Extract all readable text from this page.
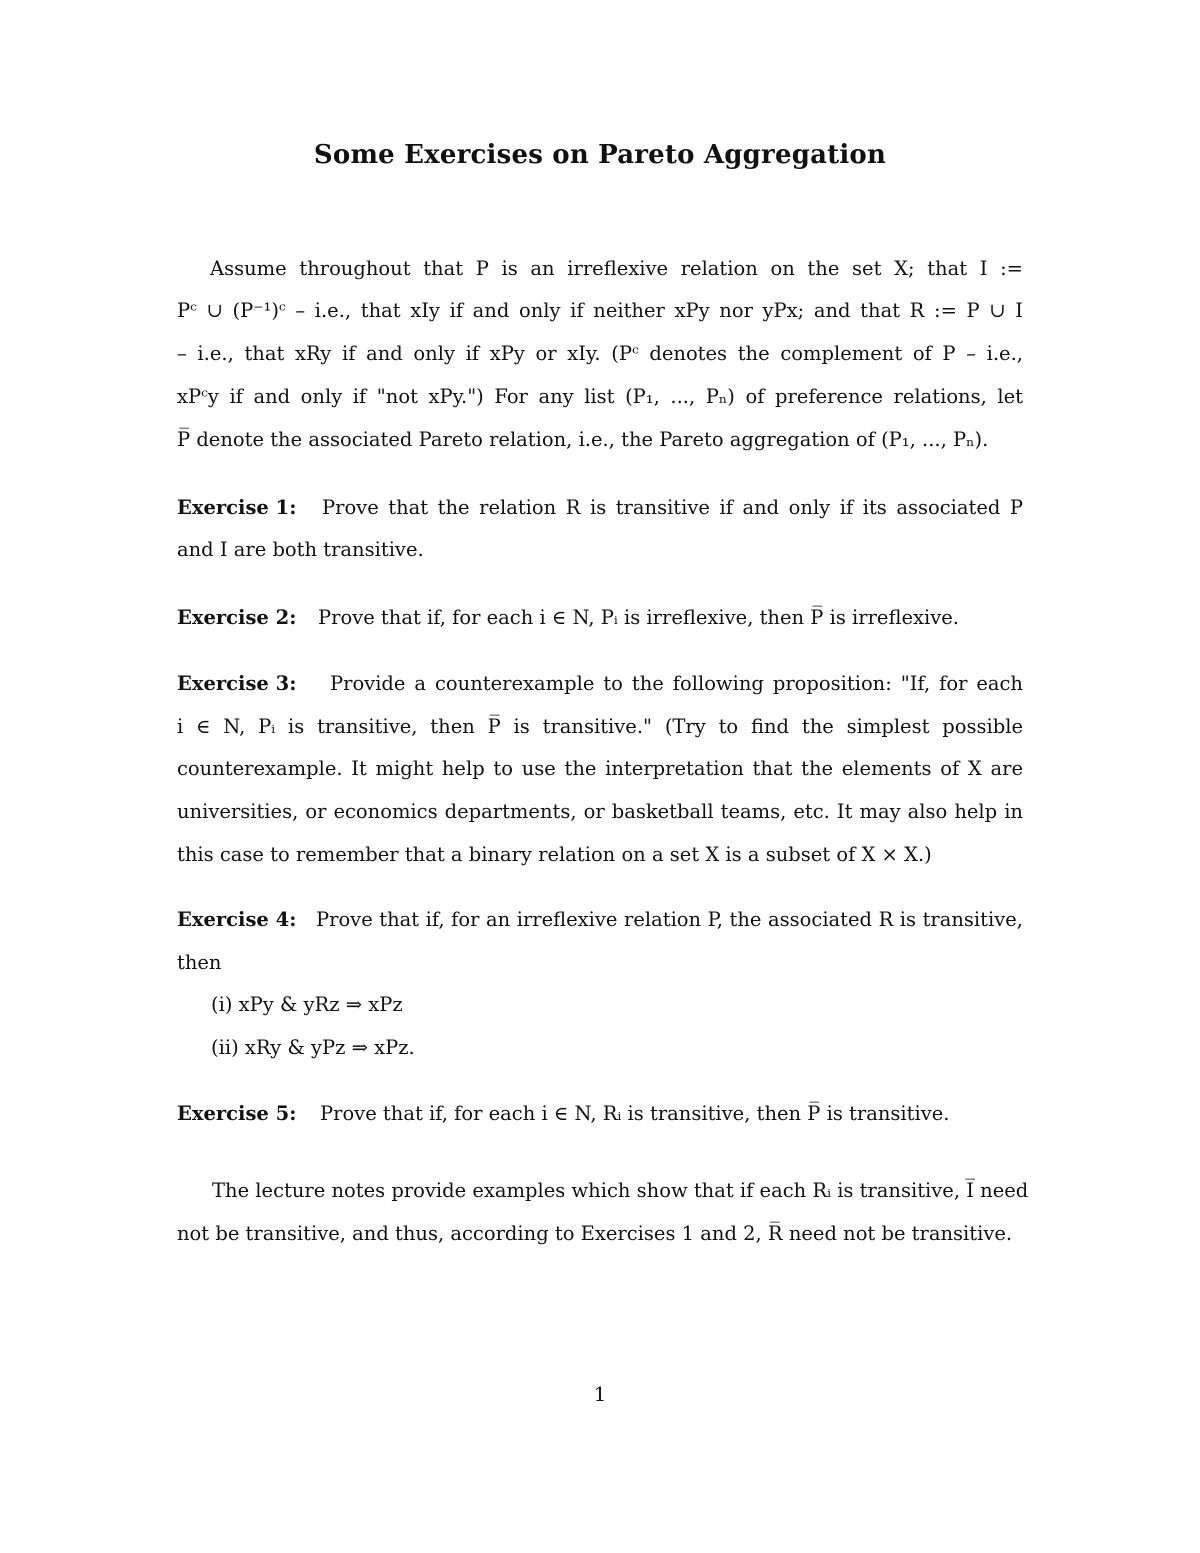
Some Exercises on Pareto Aggregation
Assume throughout that P is an irreflexive relation on the set X; that I :=
Pᶜ ∪ (P⁻¹)ᶜ – i.e., that xIy if and only if neither xPy nor yPx; and that R := P ∪ I
– i.e., that xRy if and only if xPy or xIy. (Pᶜ denotes the complement of P – i.e.,
xPᶜy if and only if "not xPy.") For any list (P₁, ..., Pₙ) of preference relations, let
P̅ denote the associated Pareto relation, i.e., the Pareto aggregation of (P₁, ..., Pₙ).
Exercise 1:	Prove that the relation R is transitive if and only if its associated P
and I are both transitive.
Exercise 2:	Prove that if, for each i ∈ N, Pᵢ is irreflexive, then P̅ is irreflexive.
Exercise 3:	Provide a counterexample to the following proposition: "If, for each
i ∈ N, Pᵢ is transitive, then P̅ is transitive." (Try to find the simplest possible
counterexample. It might help to use the interpretation that the elements of X are
universities, or economics departments, or basketball teams, etc. It may also help in
this case to remember that a binary relation on a set X is a subset of X × X.)
Exercise 4:	Prove that if, for an irreflexive relation P, the associated R is transitive,
then
(i) xPy & yRz ⇒ xPz
(ii) xRy & yPz ⇒ xPz.
Exercise 5:	Prove that if, for each i ∈ N, Rᵢ is transitive, then P̅ is transitive.
The lecture notes provide examples which show that if each Rᵢ is transitive, I̅ need
not be transitive, and thus, according to Exercises 1 and 2, R̅ need not be transitive.
1
